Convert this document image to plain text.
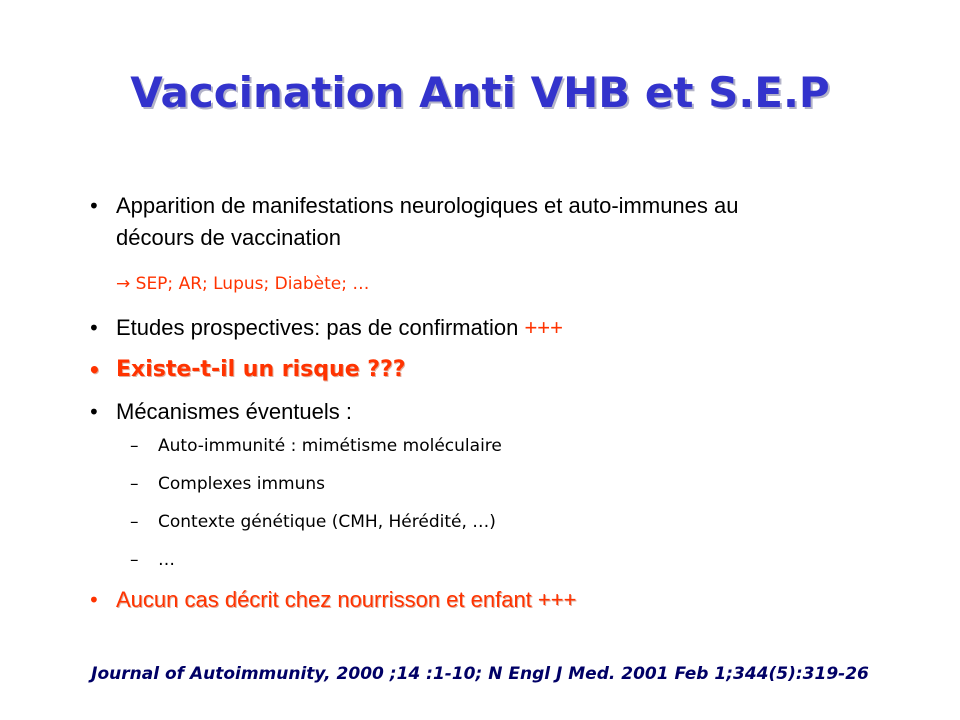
Vaccination Anti VHB et S.E.P
• Apparition de manifestations neurologiques et auto-immunes au
décours de vaccination
→ SEP; AR; Lupus; Diabète; …
• Etudes prospectives: pas de confirmation +++
• Existe-t-il un risque ???
• Mécanismes éventuels :
– Auto-immunité : mimétisme moléculaire
– Complexes immuns
– Contexte génétique (CMH, Hérédité, …)
– …
• Aucun cas décrit chez nourrisson et enfant +++
Journal of Autoimmunity, 2000 ;14 :1-10; N Engl J Med. 2001 Feb 1;344(5):319-26
